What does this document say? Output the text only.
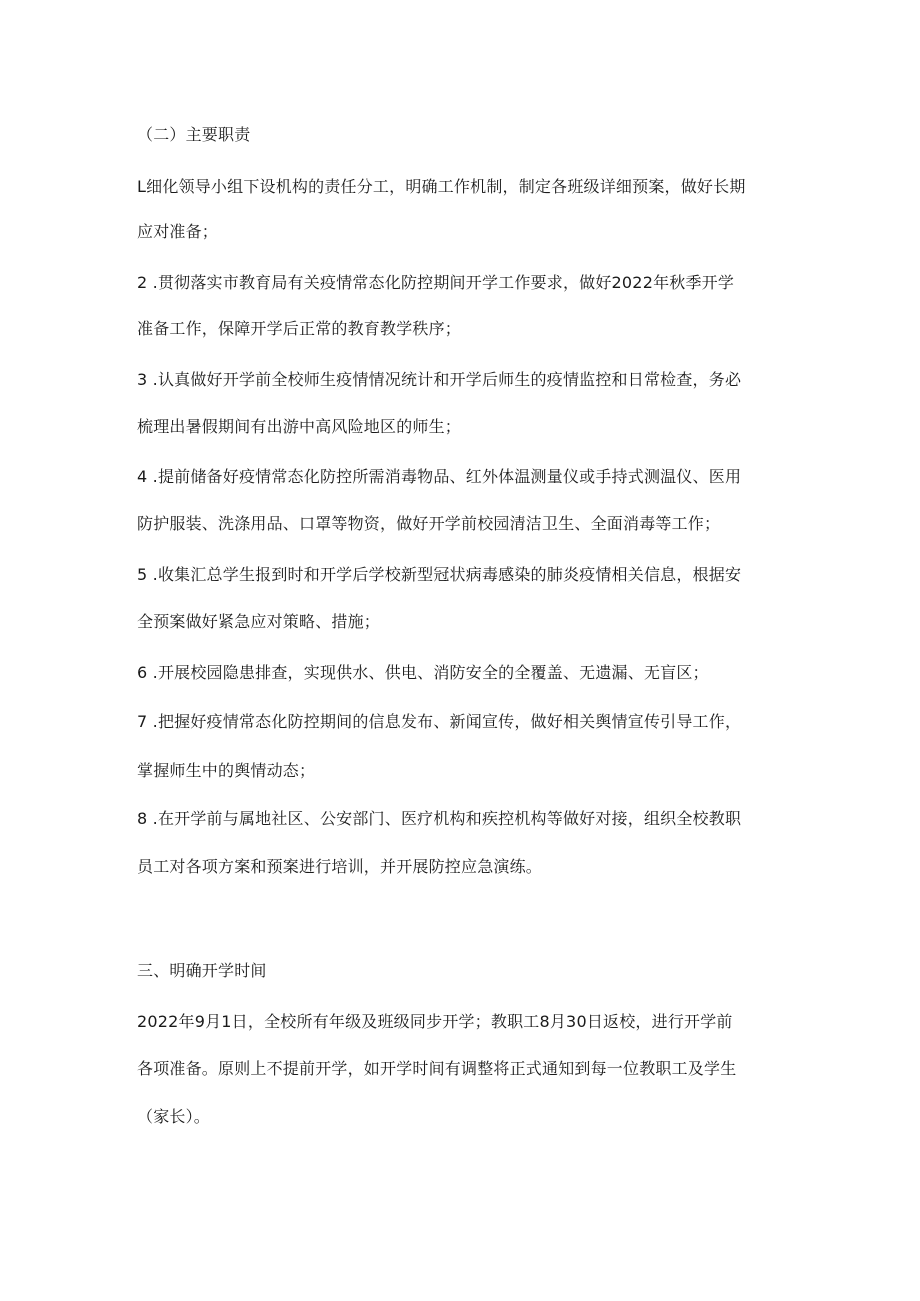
（二）主要职责
L细化领导小组下设机构的责任分工，明确工作机制，制定各班级详细预案，做好长期
应对准备；
2 .贯彻落实市教育局有关疫情常态化防控期间开学工作要求，做好2022年秋季开学
准备工作，保障开学后正常的教育教学秩序；
3 .认真做好开学前全校师生疫情情况统计和开学后师生的疫情监控和日常检查，务必
梳理出暑假期间有出游中高风险地区的师生；
4 .提前储备好疫情常态化防控所需消毒物品、红外体温测量仪或手持式测温仪、医用
防护服装、洗涤用品、口罩等物资，做好开学前校园清洁卫生、全面消毒等工作；
5 .收集汇总学生报到时和开学后学校新型冠状病毒感染的肺炎疫情相关信息，根据安
全预案做好紧急应对策略、措施；
6 .开展校园隐患排查，实现供水、供电、消防安全的全覆盖、无遗漏、无盲区；
7 .把握好疫情常态化防控期间的信息发布、新闻宣传，做好相关舆情宣传引导工作，
掌握师生中的舆情动态；
8 .在开学前与属地社区、公安部门、医疗机构和疾控机构等做好对接，组织全校教职
员工对各项方案和预案进行培训，并开展防控应急演练。
三、明确开学时间
2022年9月1日，全校所有年级及班级同步开学；教职工8月30日返校，进行开学前
各项准备。原则上不提前开学，如开学时间有调整将正式通知到每一位教职工及学生
（家长）。
